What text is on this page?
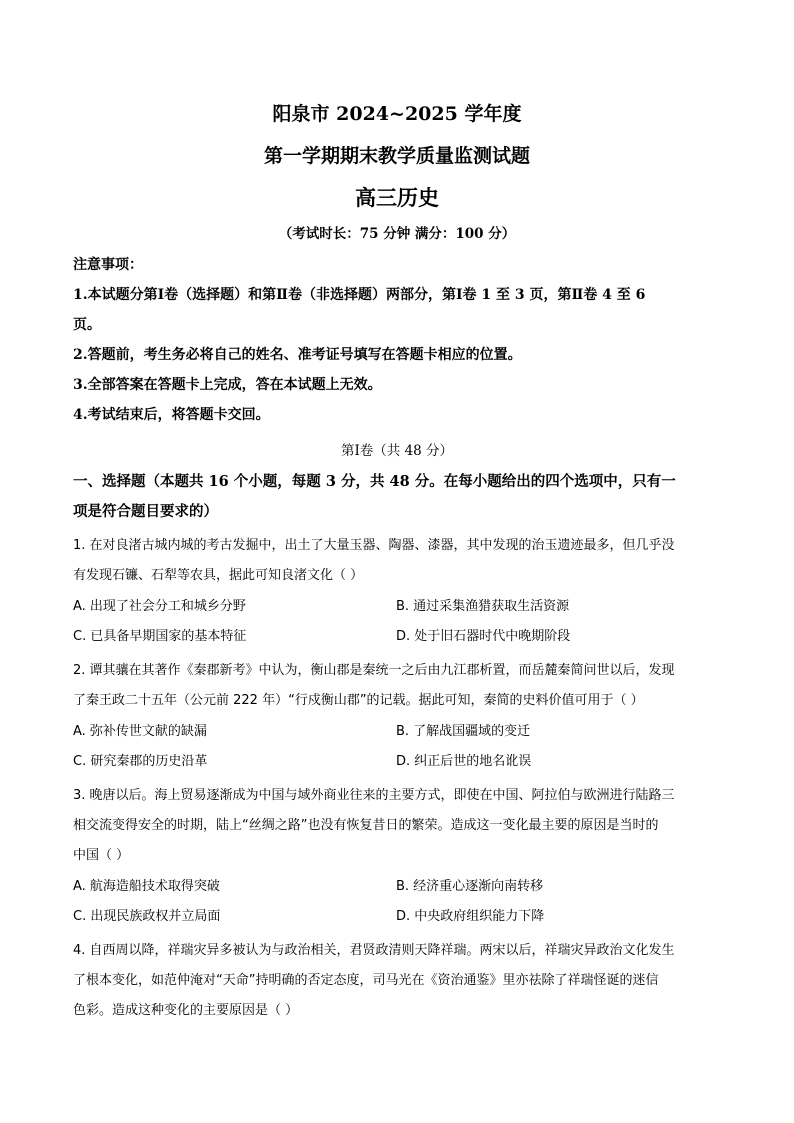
阳泉市 2024~2025 学年度
第一学期期末教学质量监测试题
高三历史
（考试时长：75 分钟 满分：100 分）
注意事项：
1.本试题分第Ⅰ卷（选择题）和第Ⅱ卷（非选择题）两部分，第Ⅰ卷 1 至 3 页，第Ⅱ卷 4 至 6
页。
2.答题前，考生务必将自己的姓名、准考证号填写在答题卡相应的位置。
3.全部答案在答题卡上完成，答在本试题上无效。
4.考试结束后，将答题卡交回。
第Ⅰ卷（共 48 分）
一、选择题（本题共 16 个小题，每题 3 分，共 48 分。在每小题给出的四个选项中，只有一
项是符合题目要求的）
1. 在对良渚古城内城的考古发掘中，出土了大量玉器、陶器、漆器，其中发现的治玉遗迹最多，但几乎没
有发现石镰、石犁等农具，据此可知良渚文化（ ）
A. 出现了社会分工和城乡分野	B. 通过采集渔猎获取生活资源
C. 已具备早期国家的基本特征	D. 处于旧石器时代中晚期阶段
2. 谭其骧在其著作《秦郡新考》中认为，衡山郡是秦统一之后由九江郡析置，而岳麓秦简问世以后，发现
了秦王政二十五年（公元前 222 年）“行戍衡山郡”的记载。据此可知，秦简的史料价值可用于（ ）
A. 弥补传世文献的缺漏	B. 了解战国疆域的变迁
C. 研究秦郡的历史沿革	D. 纠正后世的地名讹误
3. 晚唐以后。海上贸易逐渐成为中国与域外商业往来的主要方式，即使在中国、阿拉伯与欧洲进行陆路三
相交流变得安全的时期，陆上“丝绸之路”也没有恢复昔日的繁荣。造成这一变化最主要的原因是当时的
中国（ ）
A. 航海造船技术取得突破	B. 经济重心逐渐向南转移
C. 出现民族政权并立局面	D. 中央政府组织能力下降
4. 自西周以降，祥瑞灾异多被认为与政治相关，君贤政清则天降祥瑞。两宋以后，祥瑞灾异政治文化发生
了根本变化，如范仲淹对“天命”持明确的否定态度，司马光在《资治通鉴》里亦祛除了祥瑞怪诞的迷信
色彩。造成这种变化的主要原因是（ ）
